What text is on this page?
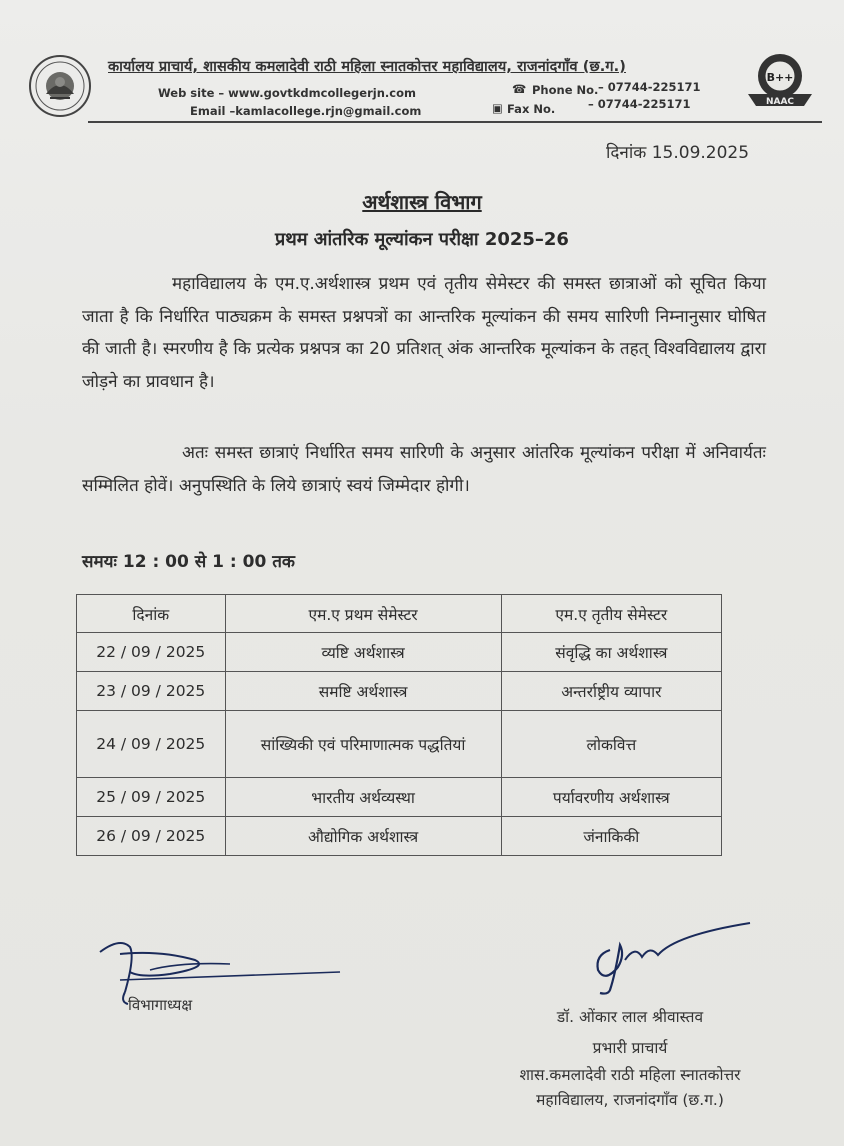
कार्यालय प्राचार्य, शासकीय कमलादेवी राठी महिला स्नातकोत्तर महाविद्यालय, राजनांदगाँव (छ.ग.)
Web site – www.govtkdmcollegerjn.com
Email –kamlacollege.rjn@gmail.com
☎ Phone No. – 07744-225171
▣ Fax No.	– 07744-225171
B++
NAAC
दिनांक 15.09.2025
अर्थशास्त्र विभाग
प्रथम आंतरिक मूल्यांकन परीक्षा 2025–26
महाविद्यालय के एम.ए.अर्थशास्त्र प्रथम एवं तृतीय सेमेस्टर की समस्त छात्राओं को सूचित किया जाता है कि निर्धारित पाठ्यक्रम के समस्त प्रश्नपत्रों का आन्तरिक मूल्यांकन की समय सारिणी निम्नानुसार घोषित की जाती है। स्मरणीय है कि प्रत्येक प्रश्नपत्र का 20 प्रतिशत् अंक आन्तरिक मूल्यांकन के तहत् विश्वविद्यालय द्वारा जोड़ने का प्रावधान है।
अतः समस्त छात्राएं निर्धारित समय सारिणी के अनुसार आंतरिक मूल्यांकन परीक्षा में अनिवार्यतः सम्मिलित होवें। अनुपस्थिति के लिये छात्राएं स्वयं जिम्मेदार होगी।
समयः 12 : 00 से 1 : 00 तक
दिनांक	एम.ए प्रथम सेमेस्टर	एम.ए तृतीय सेमेस्टर
22 / 09 / 2025	व्यष्टि अर्थशास्त्र	संवृद्धि का अर्थशास्त्र
23 / 09 / 2025	समष्टि अर्थशास्त्र	अन्तर्राष्ट्रीय व्यापार
24 / 09 / 2025	सांख्यिकी एवं परिमाणात्मक पद्धतियां	लोकवित्त
25 / 09 / 2025	भारतीय अर्थव्यस्था	पर्यावरणीय अर्थशास्त्र
26 / 09 / 2025	औद्योगिक अर्थशास्त्र	जंनाकिकी
विभागाध्यक्ष
डॉ. ओंकार लाल श्रीवास्तव
प्रभारी प्राचार्य
शास.कमलादेवी राठी महिला स्नातकोत्तर
महाविद्यालय, राजनांदगाँव (छ.ग.)
